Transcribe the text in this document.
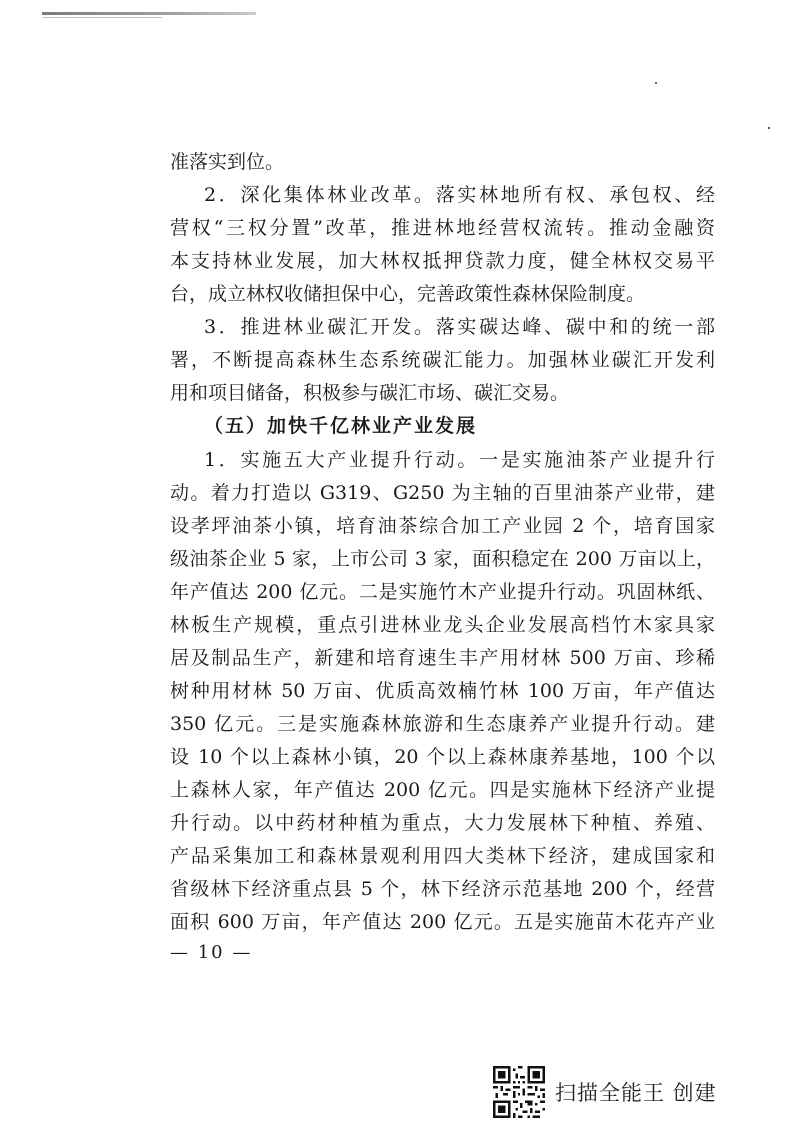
准落实到位。
2．深化集体林业改革。落实林地所有权、承包权、经
营权“三权分置”改革，推进林地经营权流转。推动金融资
本支持林业发展，加大林权抵押贷款力度，健全林权交易平
台，成立林权收储担保中心，完善政策性森林保险制度。
3．推进林业碳汇开发。落实碳达峰、碳中和的统一部
署，不断提高森林生态系统碳汇能力。加强林业碳汇开发利
用和项目储备，积极参与碳汇市场、碳汇交易。
（五）加快千亿林业产业发展
1．实施五大产业提升行动。一是实施油茶产业提升行
动。着力打造以 G319、G250 为主轴的百里油茶产业带，建
设孝坪油茶小镇，培育油茶综合加工产业园 2 个，培育国家
级油茶企业 5 家，上市公司 3 家，面积稳定在 200 万亩以上，
年产值达 200 亿元。二是实施竹木产业提升行动。巩固林纸、
林板生产规模，重点引进林业龙头企业发展高档竹木家具家
居及制品生产，新建和培育速生丰产用材林 500 万亩、珍稀
树种用材林 50 万亩、优质高效楠竹林 100 万亩，年产值达
350 亿元。三是实施森林旅游和生态康养产业提升行动。建
设 10 个以上森林小镇，20 个以上森林康养基地，100 个以
上森林人家，年产值达 200 亿元。四是实施林下经济产业提
升行动。以中药材种植为重点，大力发展林下种植、养殖、
产品采集加工和森林景观利用四大类林下经济，建成国家和
省级林下经济重点县 5 个，林下经济示范基地 200 个，经营
面积 600 万亩，年产值达 200 亿元。五是实施苗木花卉产业
— 10 —
扫描全能王 创建
